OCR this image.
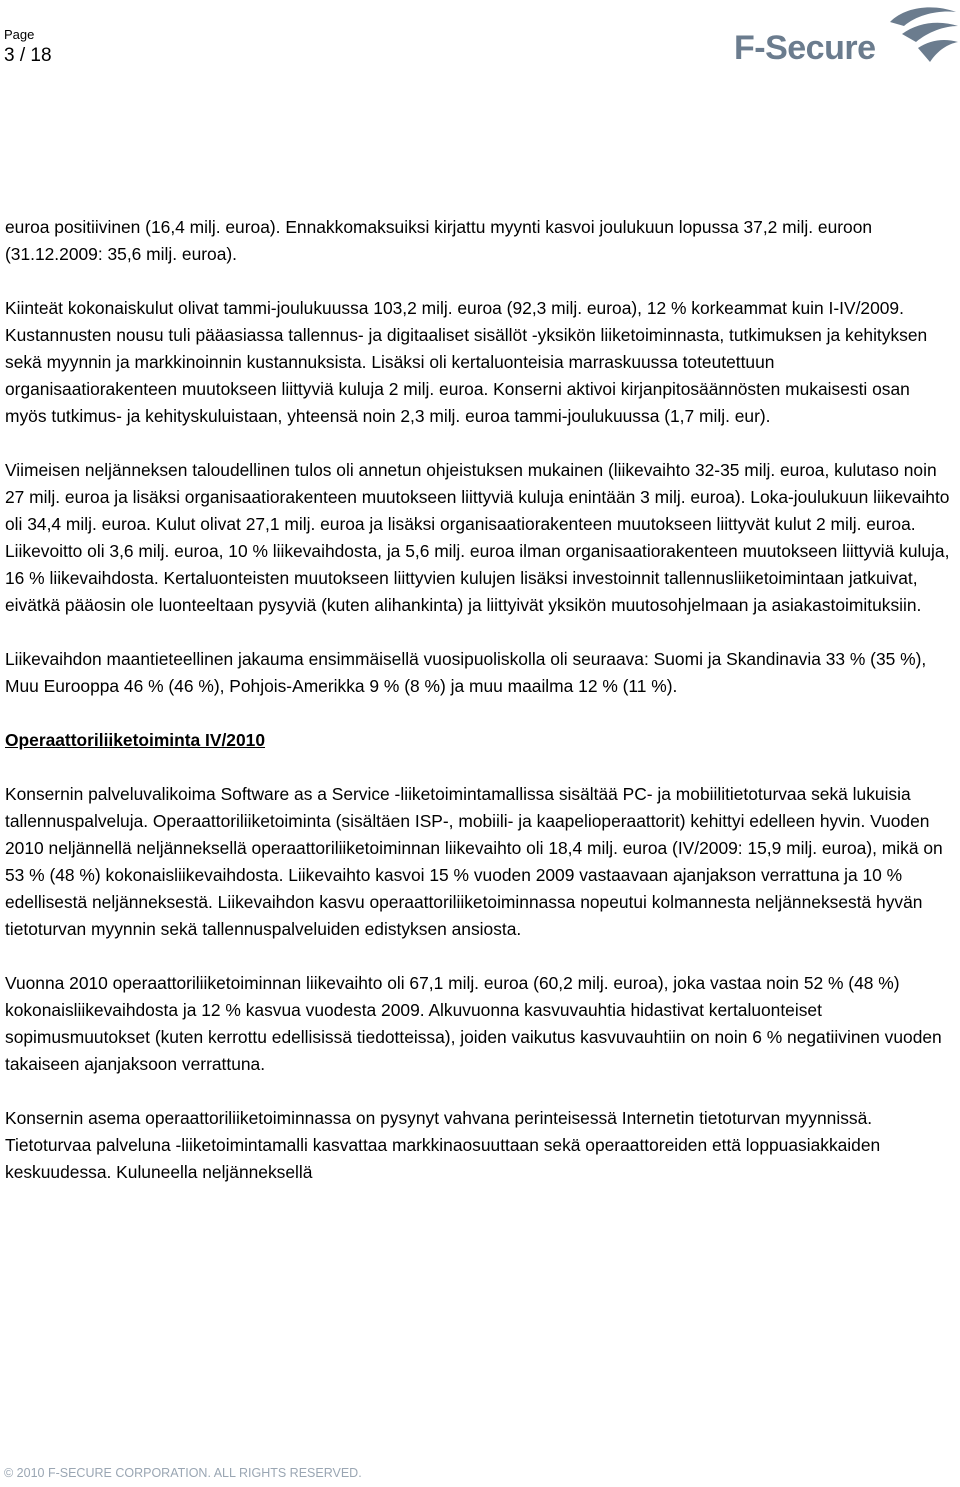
Page
3 / 18	F-Secure

euroa positiivinen (16,4 milj. euroa). Ennakkomaksuiksi kirjattu myynti kasvoi joulukuun lopussa 37,2 milj. euroon (31.12.2009: 35,6 milj. euroa).

Kiinteät kokonaiskulut olivat tammi-joulukuussa 103,2 milj. euroa (92,3 milj. euroa), 12 % korkeammat kuin I-IV/2009. Kustannusten nousu tuli pääasiassa tallennus- ja digitaaliset sisällöt -yksikön liiketoiminnasta, tutkimuksen ja kehityksen sekä myynnin ja markkinoinnin kustannuksista. Lisäksi oli kertaluonteisia marraskuussa toteutettuun organisaatiorakenteen muutokseen liittyviä kuluja 2 milj. euroa. Konserni aktivoi kirjanpitosäännösten mukaisesti osan myös tutkimus- ja kehityskuluistaan, yhteensä noin 2,3 milj. euroa tammi-joulukuussa (1,7 milj. eur).

Viimeisen neljänneksen taloudellinen tulos oli annetun ohjeistuksen mukainen (liikevaihto 32-35 milj. euroa, kulutaso noin 27 milj. euroa ja lisäksi organisaatiorakenteen muutokseen liittyviä kuluja enintään 3 milj. euroa). Loka-joulukuun liikevaihto oli 34,4 milj. euroa. Kulut olivat 27,1 milj. euroa ja lisäksi organisaatiorakenteen muutokseen liittyvät kulut 2 milj. euroa. Liikevoitto oli 3,6 milj. euroa, 10 % liikevaihdosta, ja 5,6 milj. euroa ilman organisaatiorakenteen muutokseen liittyviä kuluja, 16 % liikevaihdosta. Kertaluonteisten muutokseen liittyvien kulujen lisäksi investoinnit tallennusliiketoimintaan jatkuivat, eivätkä pääosin ole luonteeltaan pysyviä (kuten alihankinta) ja liittyivät yksikön muutosohjelmaan ja asiakastoimituksiin.

Liikevaihdon maantieteellinen jakauma ensimmäisellä vuosipuoliskolla oli seuraava: Suomi ja Skandinavia 33 % (35 %), Muu Eurooppa 46 % (46 %), Pohjois-Amerikka 9 % (8 %) ja muu maailma 12 % (11 %).

Operaattoriliiketoiminta IV/2010

Konsernin palveluvalikoima Software as a Service -liiketoimintamallissa sisältää PC- ja mobiilitietoturvaa sekä lukuisia tallennuspalveluja. Operaattoriliiketoiminta (sisältäen ISP-, mobiili- ja kaapelioperaattorit) kehittyi edelleen hyvin. Vuoden 2010 neljännellä neljänneksellä operaattoriliiketoiminnan liikevaihto oli 18,4 milj. euroa (IV/2009: 15,9 milj. euroa), mikä on 53 % (48 %) kokonaisliikevaihdosta. Liikevaihto kasvoi 15 % vuoden 2009 vastaavaan ajanjakson verrattuna ja 10 % edellisestä neljänneksestä. Liikevaihdon kasvu operaattoriliiketoiminnassa nopeutui kolmannesta neljänneksestä hyvän tietoturvan myynnin sekä tallennuspalveluiden edistyksen ansiosta.

Vuonna 2010 operaattoriliiketoiminnan liikevaihto oli 67,1 milj. euroa (60,2 milj. euroa), joka vastaa noin 52 % (48 %) kokonaisliikevaihdosta ja 12 % kasvua vuodesta 2009. Alkuvuonna kasvuvauhtia hidastivat kertaluonteiset sopimusmuutokset (kuten kerrottu edellisissä tiedotteissa), joiden vaikutus kasvuvauhtiin on noin 6 % negatiivinen vuoden takaiseen ajanjaksoon verrattuna.

Konsernin asema operaattoriliiketoiminnassa on pysynyt vahvana perinteisessä Internetin tietoturvan myynnissä. Tietoturvaa palveluna -liiketoimintamalli kasvattaa markkinaosuuttaan sekä operaattoreiden että loppuasiakkaiden keskuudessa. Kuluneella neljänneksellä

© 2010 F-SECURE CORPORATION. ALL RIGHTS RESERVED.
